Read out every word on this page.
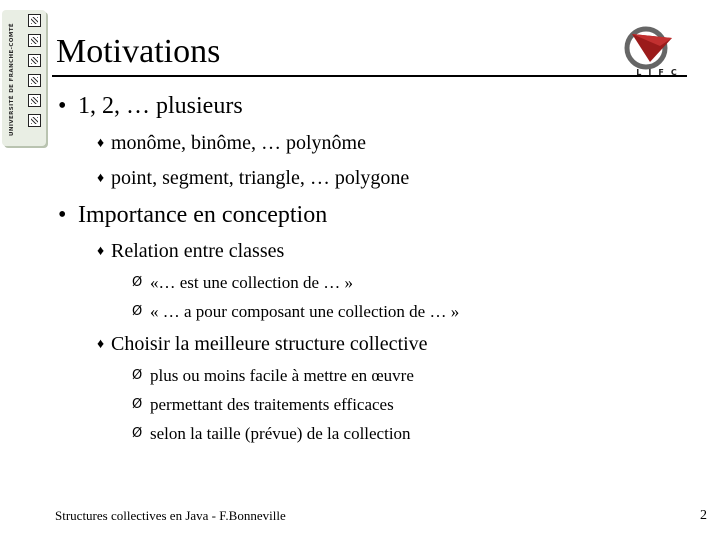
UNIVERSITÉ DE FRANCHE-COMTÉ Motivations
LIFC
• 1, 2, … plusieurs
♦ monôme, binôme, … polynôme
♦ point, segment, triangle, … polygone
• Importance en conception
♦ Relation entre classes
Ø «… est une collection de … »
Ø « … a pour composant une collection de … »
♦ Choisir la meilleure structure collective
Ø plus ou moins facile à mettre en œuvre
Ø permettant des traitements efficaces
Ø selon la taille (prévue) de la collection
Structures collectives en Java - F.Bonneville	2
